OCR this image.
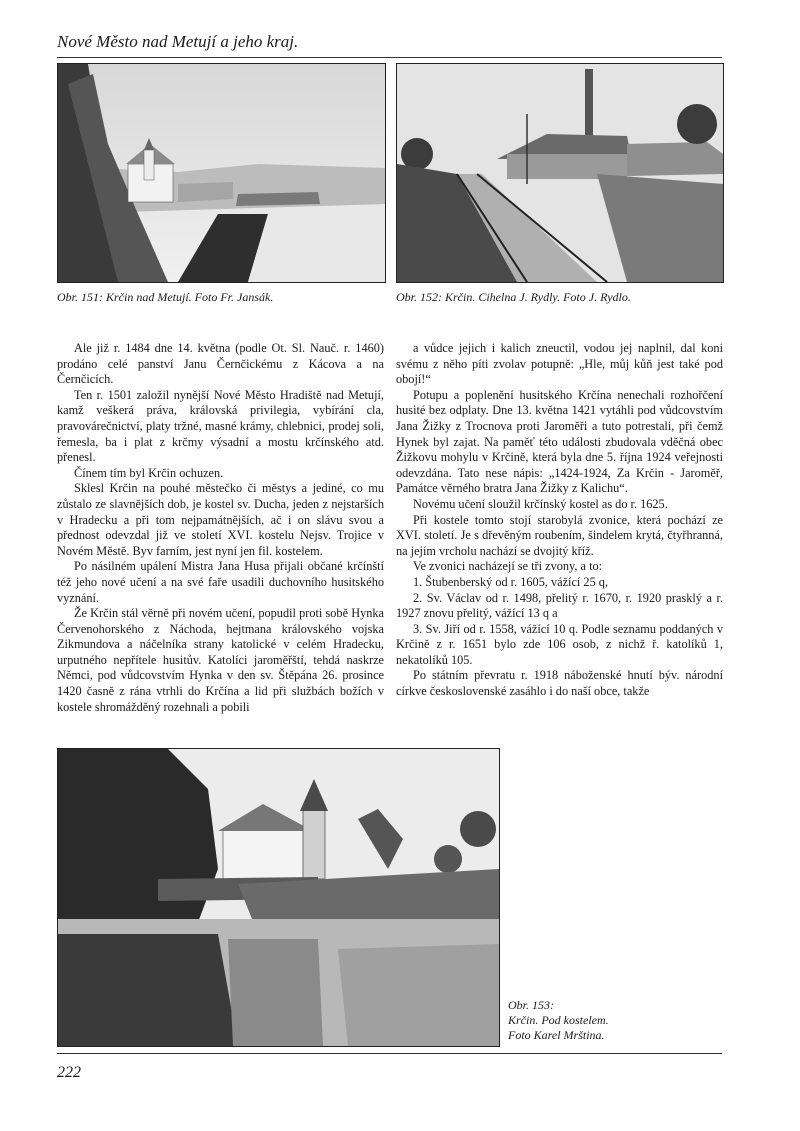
Nové Město nad Metují a jeho kraj.
Obr. 151: Krčin nad Metují. Foto Fr. Jansák.	Obr. 152: Krčin. Cihelna J. Rydly. Foto J. Rydlo.

Ale již r. 1484 dne 14. května (podle Ot. Sl. Nauč. r. 1460) prodáno celé panství Janu Černčickému z Kácova a na Černčicích.

Ten r. 1501 založil nynější Nové Město Hradiště nad Metují, kamž veškerá práva, královská privilegia, vybírání cla, pravovárečnictví, platy tržné, masné krámy, chlebnici, prodej soli, řemesla, ba i plat z krčmy výsadní a mostu krčínského atd. přenesl.

Čínem tím byl Krčin ochuzen.

Sklesl Krčin na pouhé městečko či městys a jediné, co mu zůstalo ze slavnějších dob, je kostel sv. Ducha, jeden z nejstarších v Hradecku a při tom nejpamátnějších, ač i on slávu svou a přednost odevzdal již ve století XVI. kostelu Nejsv. Trojice v Novém Městě. Byv farním, jest nyní jen fil. kostelem.

Po násilném upálení Mistra Jana Husa přijali občané krčínští též jeho nové učení a na své faře usadili duchovního husitského vyznání.

Že Krčin stál věrně při novém učení, popudil proti sobě Hynka Červenohorského z Náchoda, hejtmana královského vojska Zikmundova a náčelníka strany katolické v celém Hradecku, urputného nepřítele husitův. Katolíci jaroměřští, tehdá naskrze Němci, pod vůdcovstvím Hynka v den sv. Štěpána 26. prosince 1420 časně z rána vtrhli do Krčína a lid při službách božích v kostele shromážděný rozehnali a pobili

a vůdce jejich i kalich zneuctil, vodou jej naplnil, dal koni svému z něho píti zvolav potupně: „Hle, můj kůň jest také pod obojí!“

Potupu a poplenění husitského Krčína nenechali rozhořčení husité bez odplaty. Dne 13. května 1421 vytáhli pod vůdcovstvím Jana Žižky z Trocnova proti Jaroměři a tuto potrestali, při čemž Hynek byl zajat. Na paměť této události zbudovala vděčná obec Žižkovu mohylu v Krčině, která byla dne 5. října 1924 veřejnosti odevzdána. Tato nese nápis: „1424-1924, Za Krčin - Jaroměř, Památce věrného bratra Jana Žižky z Kalichu“.

Novému učení sloužil krčínský kostel as do r. 1625.

Při kostele tomto stojí starobylá zvonice, která pochází ze XVI. století. Je s dřevěným roubením, šindelem krytá, čtyřhranná, na jejím vrcholu nachází se dvojitý kříž.

Ve zvonici nacházejí se tři zvony, a to:

1. Štubenberský od r. 1605, vážící 25 q,

2. Sv. Václav od r. 1498, přelitý r. 1670, r. 1920 prasklý a r. 1927 znovu přelitý, vážící 13 q a

3. Sv. Jiří od r. 1558, vážící 10 q. Podle seznamu poddaných v Krčině z r. 1651 bylo zde 106 osob, z nichž ř. katolíků 1, nekatolíků 105.

Po státním převratu r. 1918 náboženské hnutí býv. národní církve československé zasáhlo i do naší obce, takže

Obr. 153:
Krčin. Pod kostelem.
Foto Karel Mrština.
222
